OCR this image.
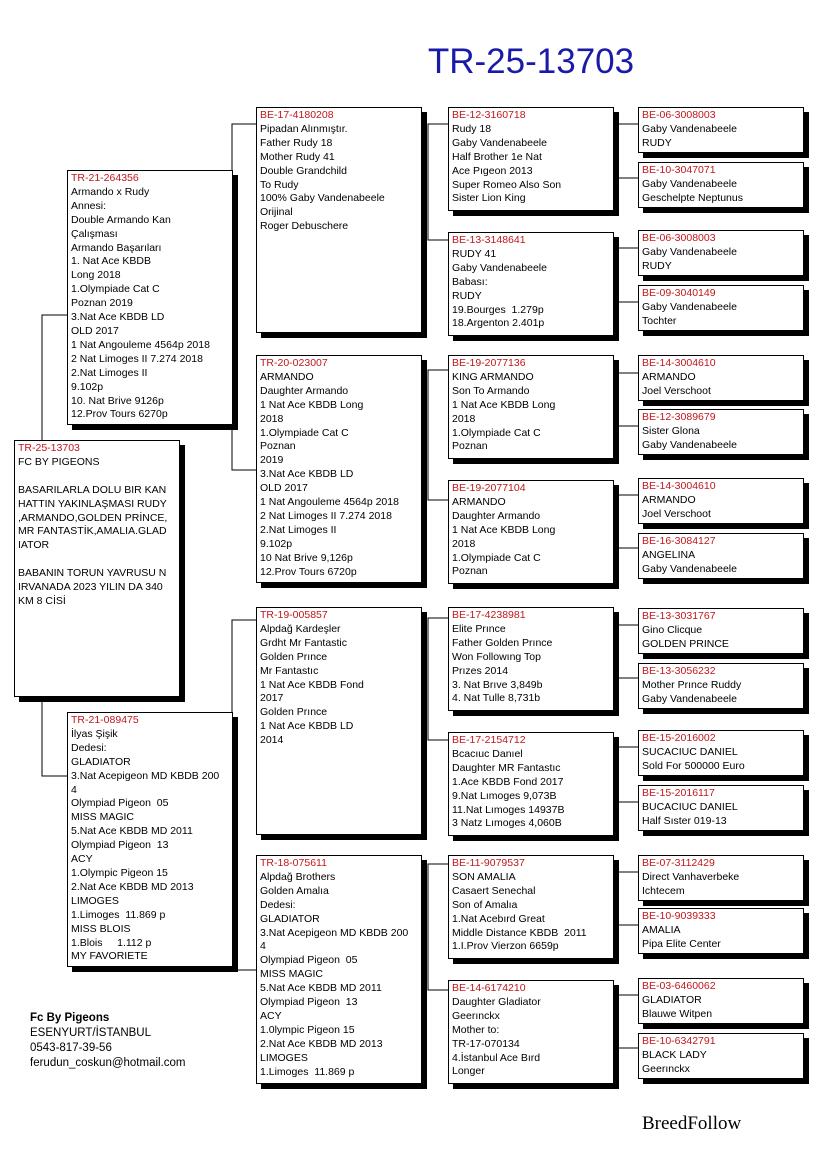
TR-25-13703
TR-25-13703
FC BY PIGEONS

BASARILARLA DOLU BIR KAN
HATTIN YAKINLAŞMASI RUDY
,ARMANDO,GOLDEN PRİNCE,
MR FANTASTİK,AMALIA.GLAD
IATOR

BABANIN TORUN YAVRUSU N
IRVANADA 2023 YILIN DA 340
KM 8 CİSİ
TR-21-264356
Armando x Rudy
Annesi:
Double Armando Kan
Çalışması
Armando Başarıları
1. Nat Ace KBDB
Long 2018
1.Olympiade Cat C
Poznan 2019
3.Nat Ace KBDB LD
OLD 2017
1 Nat Angouleme 4564p 2018
2 Nat Limoges II 7.274 2018
2.Nat Limoges II
9.102p
10. Nat Brive 9126p
12.Prov Tours 6270p
TR-21-089475
İlyas Şişik
Dedesi:
GLADIATOR
3.Nat Acepigeon MD KBDB 200
4
Olympiad Pigeon  05
MISS MAGIC
5.Nat Ace KBDB MD 2011
Olympiad Pigeon  13
ACY
1.Olympic Pigeon 15
2.Nat Ace KBDB MD 2013
LIMOGES
1.Limoges  11.869 p
MISS BLOIS
1.Blois     1.112 p
MY FAVORIETE
BE-17-4180208
Pipadan Alınmıştır.
Father Rudy 18
Mother Rudy 41
Double Grandchild
To Rudy
100% Gaby Vandenabeele
Orijinal
Roger Debuschere
TR-20-023007
ARMANDO
Daughter Armando
1 Nat Ace KBDB Long
2018
1.Olympiade Cat C
Poznan
2019
3.Nat Ace KBDB LD
OLD 2017
1 Nat Angouleme 4564p 2018
2 Nat Limoges II 7.274 2018
2.Nat Limoges II
9.102p
10 Nat Brive 9,126p
12.Prov Tours 6720p
TR-19-005857
Alpdağ Kardeşler
Grdht Mr Fantastic
Golden Prınce
Mr Fantastıc
1 Nat Ace KBDB Fond
2017
Golden Prınce
1 Nat Ace KBDB LD
2014
TR-18-075611
Alpdağ Brothers
Golden Amalıa
Dedesi:
GLADIATOR
3.Nat Acepigeon MD KBDB 200
4
Olympiad Pigeon  05
MISS MAGIC
5.Nat Ace KBDB MD 2011
Olympiad Pigeon  13
ACY
1.0lympic Pigeon 15
2.Nat Ace KBDB MD 2013
LIMOGES
1.Limoges  11.869 p
BE-12-3160718
Rudy 18
Gaby Vandenabeele
Half Brother 1e Nat
Ace Pıgeon 2013
Super Romeo Also Son
Sister Lion King
BE-13-3148641
RUDY 41
Gaby Vandenabeele
Babası:
RUDY
19.Bourges  1.279p
18.Argenton 2.401p
BE-19-2077136
KING ARMANDO
Son To Armando
1 Nat Ace KBDB Long
2018
1.Olympiade Cat C
Poznan
BE-19-2077104
ARMANDO
Daughter Armando
1 Nat Ace KBDB Long
2018
1.Olympiade Cat C
Poznan
BE-17-4238981
Elite Prınce
Father Golden Prınce
Won Followıng Top
Prızes 2014
3. Nat Brıve 3,849b
4. Nat Tulle 8,731b
BE-17-2154712
Bcacıuc Danıel
Daughter MR Fantastıc
1.Ace KBDB Fond 2017
9.Nat Lımoges 9,073B
11.Nat Lımoges 14937B
3 Natz Lımoges 4,060B
BE-11-9079537
SON AMALIA
Casaert Senechal
Son of Amalıa
1.Nat Acebırd Great
Middle Distance KBDB  2011
1.I.Prov Vierzon 6659p
BE-14-6174210
Daughter Gladiator
Geerınckx
Mother to:
TR-17-070134
4.İstanbul Ace Bırd
Longer
BE-06-3008003
Gaby Vandenabeele
RUDY
BE-10-3047071
Gaby Vandenabeele
Geschelpte Neptunus
BE-06-3008003
Gaby Vandenabeele
RUDY
BE-09-3040149
Gaby Vandenabeele
Tochter
BE-14-3004610
ARMANDO
Joel Verschoot
BE-12-3089679
Sister Glona
Gaby Vandenabeele
BE-14-3004610
ARMANDO
Joel Verschoot
BE-16-3084127
ANGELINA
Gaby Vandenabeele
BE-13-3031767
Gino Clicque
GOLDEN PRINCE
BE-13-3056232
Mother Prınce Ruddy
Gaby Vandenabeele
BE-15-2016002
SUCACIUC DANIEL
Sold For 500000 Euro
BE-15-2016117
BUCACIUC DANIEL
Half Sıster 019-13
BE-07-3112429
Direct Vanhaverbeke
Ichtecem
BE-10-9039333
AMALIA
Pipa Elite Center
BE-03-6460062
GLADIATOR
Blauwe Witpen
BE-10-6342791
BLACK LADY
Geerınckx
Fc By Pigeons
ESENYURT/İSTANBUL
0543-817-39-56
ferudun_coskun@hotmail.com
BreedFollow
